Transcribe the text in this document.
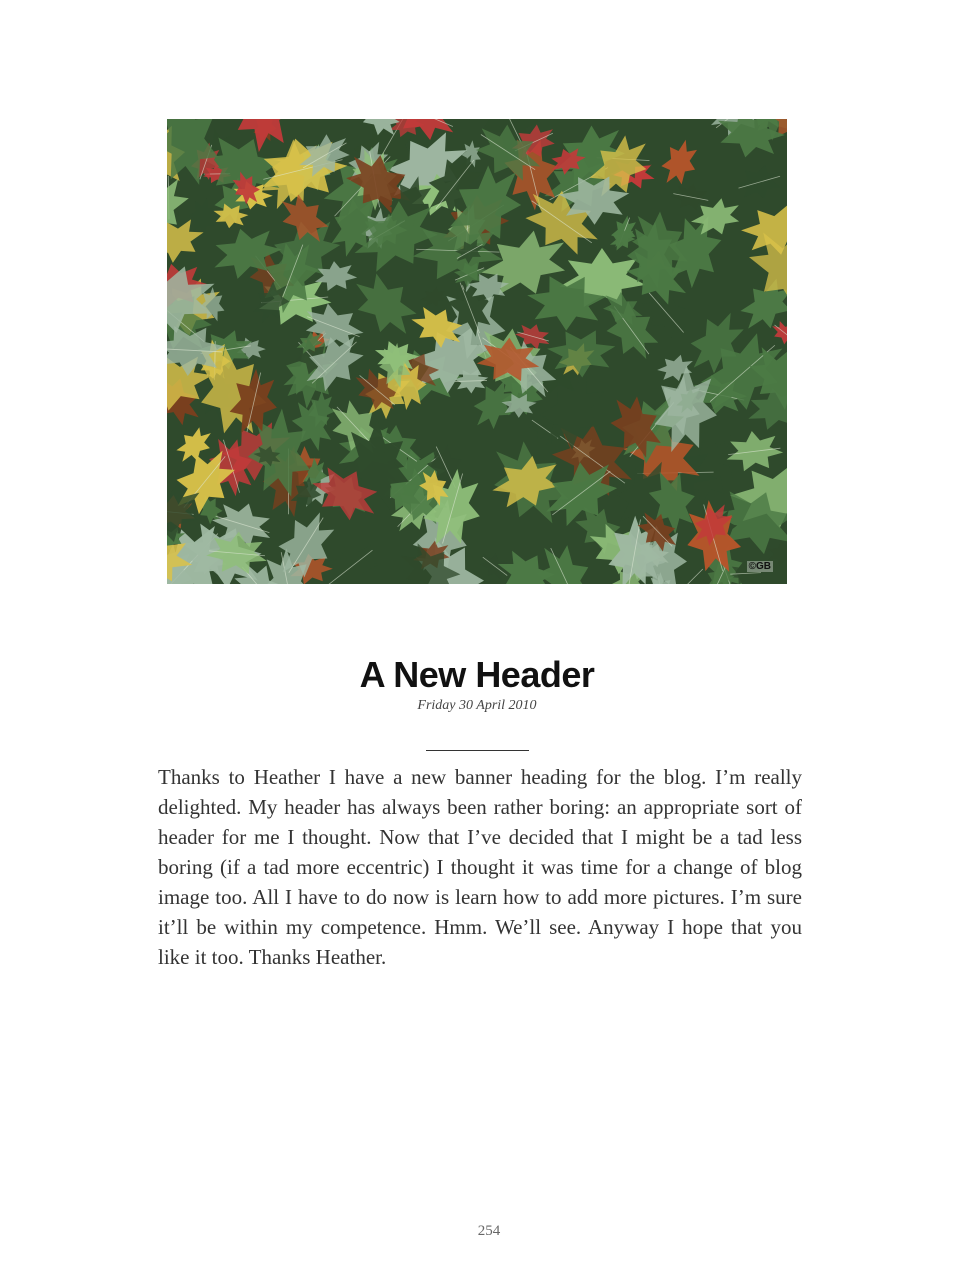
©GB
A New Header
Friday 30 April 2010

Thanks to Heather I have a new banner heading for the blog. I’m really delighted. My header has always been rather boring: an appropriate sort of header for me I thought. Now that I’ve decided that I might be a tad less boring (if a tad more eccentric) I thought it was time for a change of blog image too. All I have to do now is learn how to add more pictures. I’m sure it’ll be within my competence. Hmm. We’ll see. Anyway I hope that you like it too. Thanks Heather.

254
